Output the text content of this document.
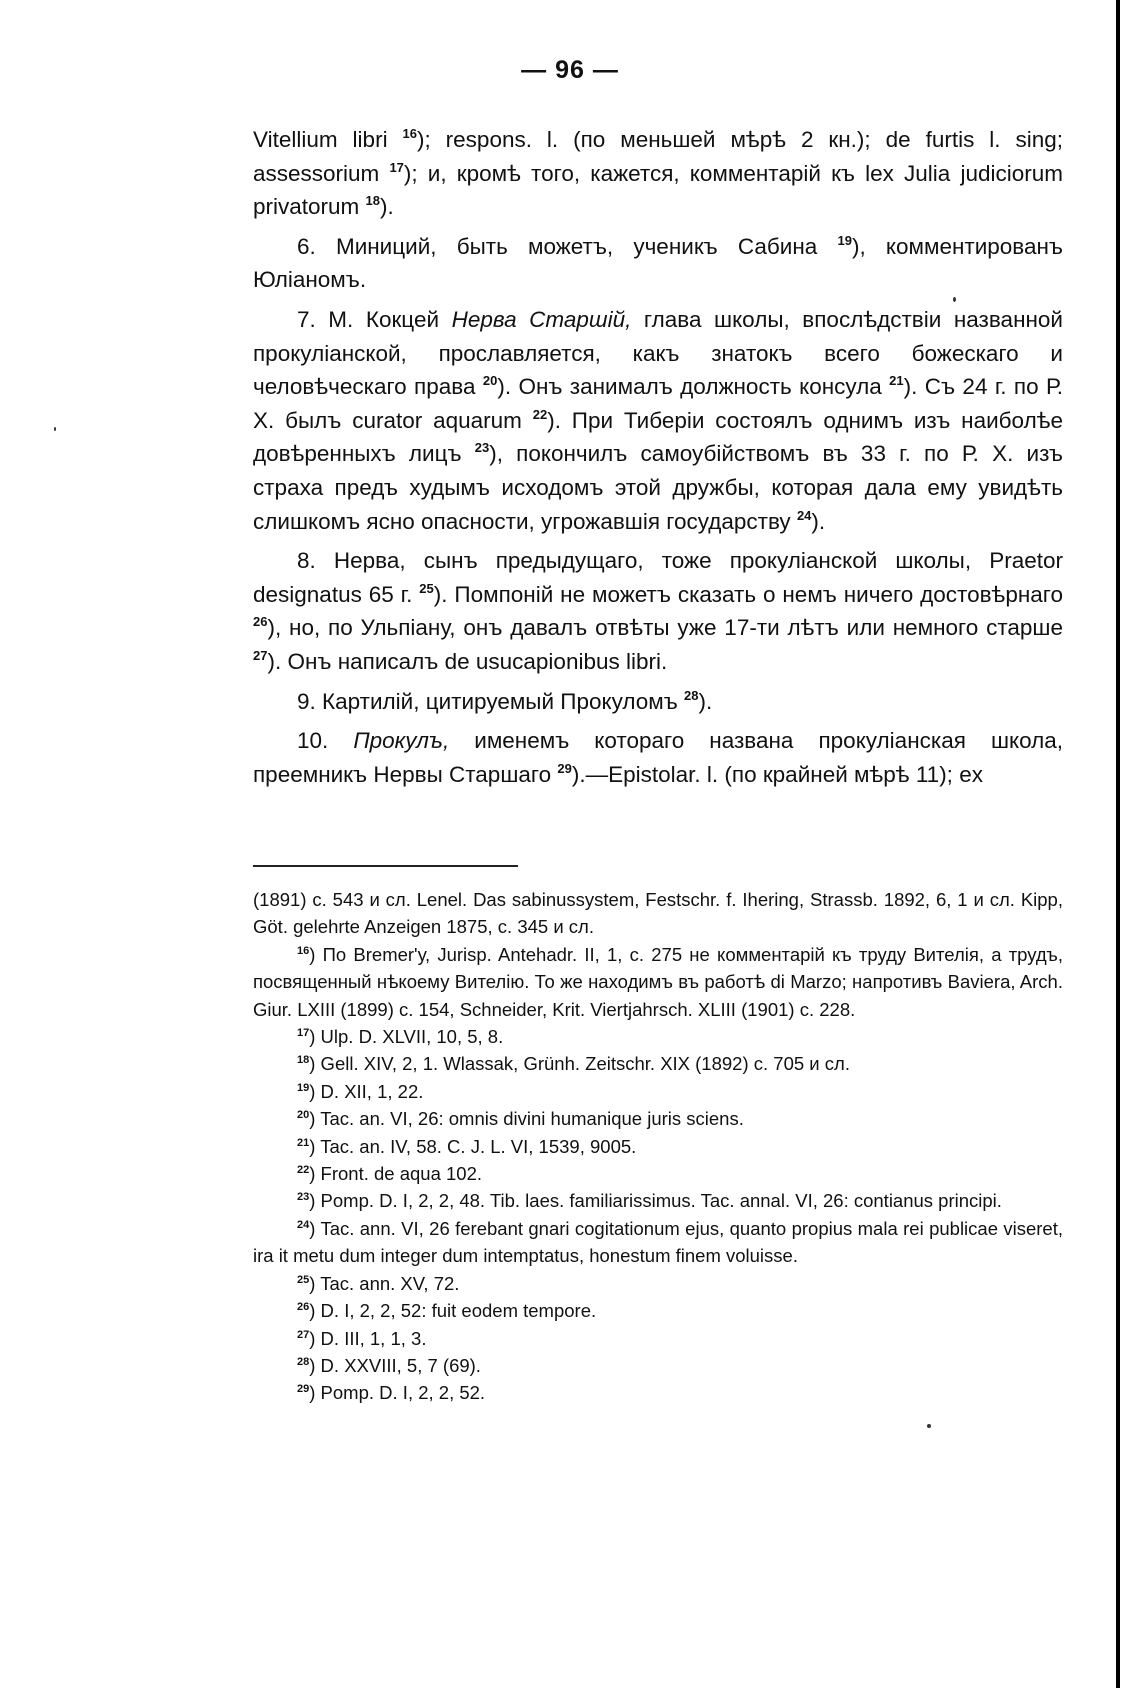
— 96 —

Vitellium libri $^{16}$); respons. l. (по меньшей мѣрѣ 2 кн.); de furtis l. sing; assessorium $^{17}$); и, кромѣ того, кажется, комментарій къ lex Julia judiciorum privatorum $^{18}$).

6. Миниций, быть можетъ, ученикъ Сабина $^{19}$), комментированъ Юліаномъ.

7. М. Кокцей Нерва Старшій, глава школы, впослѣдствіи названной прокуліанской, прославляется, какъ знатокъ всего божескаго и человѣческаго права $^{20}$). Онъ занималъ должность консула $^{21}$). Съ 24 г. по Р. Х. былъ curator aquarum $^{22}$). При Тиберіи состоялъ однимъ изъ наиболѣе довѣренныхъ лицъ $^{23}$), покончилъ самоубійствомъ въ 33 г. по Р. Х. изъ страха предъ худымъ исходомъ этой дружбы, которая дала ему увидѣть слишкомъ ясно опасности, угрожавшія государству $^{24}$).

8. Нерва, сынъ предыдущаго, тоже прокуліанской школы, Praetor designatus 65 г. $^{25}$). Помпоній не можетъ сказать о немъ ничего достовѣрнаго $^{26}$), но, по Ульпіану, онъ давалъ отвѣты уже 17-ти лѣтъ или немного старше $^{27}$). Онъ написалъ de usucapionibus libri.

9. Картилій, цитируемый Прокуломъ $^{28}$).

10. Прокулъ, именемъ котораго названа прокуліанская школа, преемникъ Нервы Старшаго $^{29}$).—Epistolar. l. (по крайней мѣрѣ 11); ex

(1891) с. 543 и сл. Lenel. Das sabinussystem, Festschr. f. Ihering, Strassb. 1892, 6, 1 и сл. Kipp, Göt. gelehrte Anzeigen 1875, с. 345 и сл.

$^{16}$) По Bremer'у, Jurisp. Antehadr. II, 1, с. 275 не комментарій къ труду Вителія, а трудъ, посвященный нѣкоему Вителію. То же находимъ въ работѣ di Marzo; напротивъ Baviera, Arch. Giur. LXIII (1899) с. 154, Schneider, Krit. Viertjahrsch. XLIII (1901) с. 228.

$^{17}$) Ulp. D. XLVII, 10, 5, 8.

$^{18}$) Gell. XIV, 2, 1. Wlassak, Grünh. Zeitschr. XIX (1892) с. 705 и сл.

$^{19}$) D. XII, 1, 22.

$^{20}$) Tac. an. VI, 26: omnis divini humanique juris sciens.

$^{21}$) Tac. an. IV, 58. C. J. L. VI, 1539, 9005.

$^{22}$) Front. de aqua 102.

$^{23}$) Pomp. D. I, 2, 2, 48. Tib. laes. familiarissimus. Tac. annal. VI, 26: contianus principi.

$^{24}$) Tac. ann. VI, 26 ferebant gnari cogitationum ejus, quanto propius mala rei publicae viseret, ira it metu dum integer dum intemptatus, honestum finem voluisse.

$^{25}$) Tac. ann. XV, 72.

$^{26}$) D. I, 2, 2, 52: fuit eodem tempore.

$^{27}$) D. III, 1, 1, 3.

$^{28}$) D. XXVIII, 5, 7 (69).

$^{29}$) Pomp. D. I, 2, 2, 52.
